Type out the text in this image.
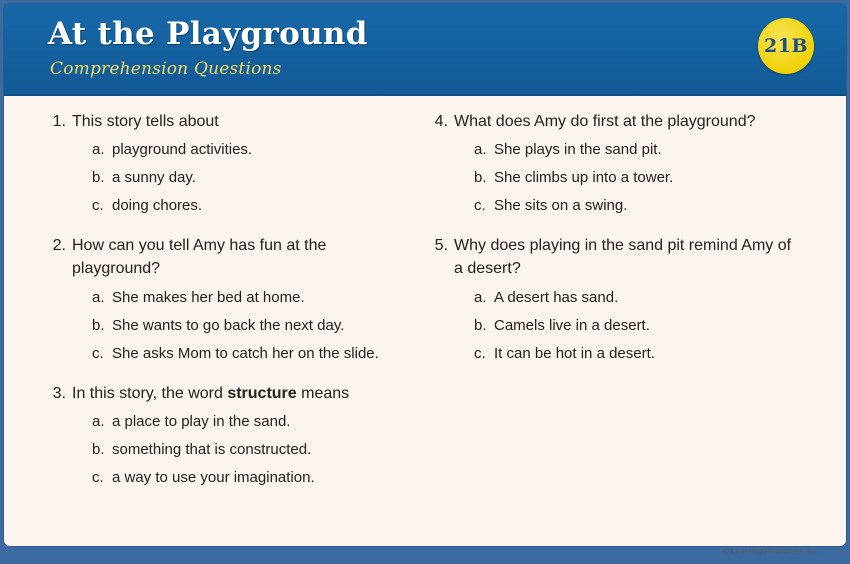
At the Playground
Comprehension Questions
21B
1. This story tells about
a. playground activities.
b. a sunny day.
c. doing chores.
2. How can you tell Amy has fun at the playground?
a. She makes her bed at home.
b. She wants to go back the next day.
c. She asks Mom to catch her on the slide.
3. In this story, the word structure means
a. a place to play in the sand.
b. something that is constructed.
c. a way to use your imagination.
4. What does Amy do first at the playground?
a. She plays in the sand pit.
b. She climbs up into a tower.
c. She sits on a swing.
5. Why does playing in the sand pit remind Amy of a desert?
a. A desert has sand.
b. Camels live in a desert.
c. It can be hot in a desert.
© Learning Resources, Inc.
